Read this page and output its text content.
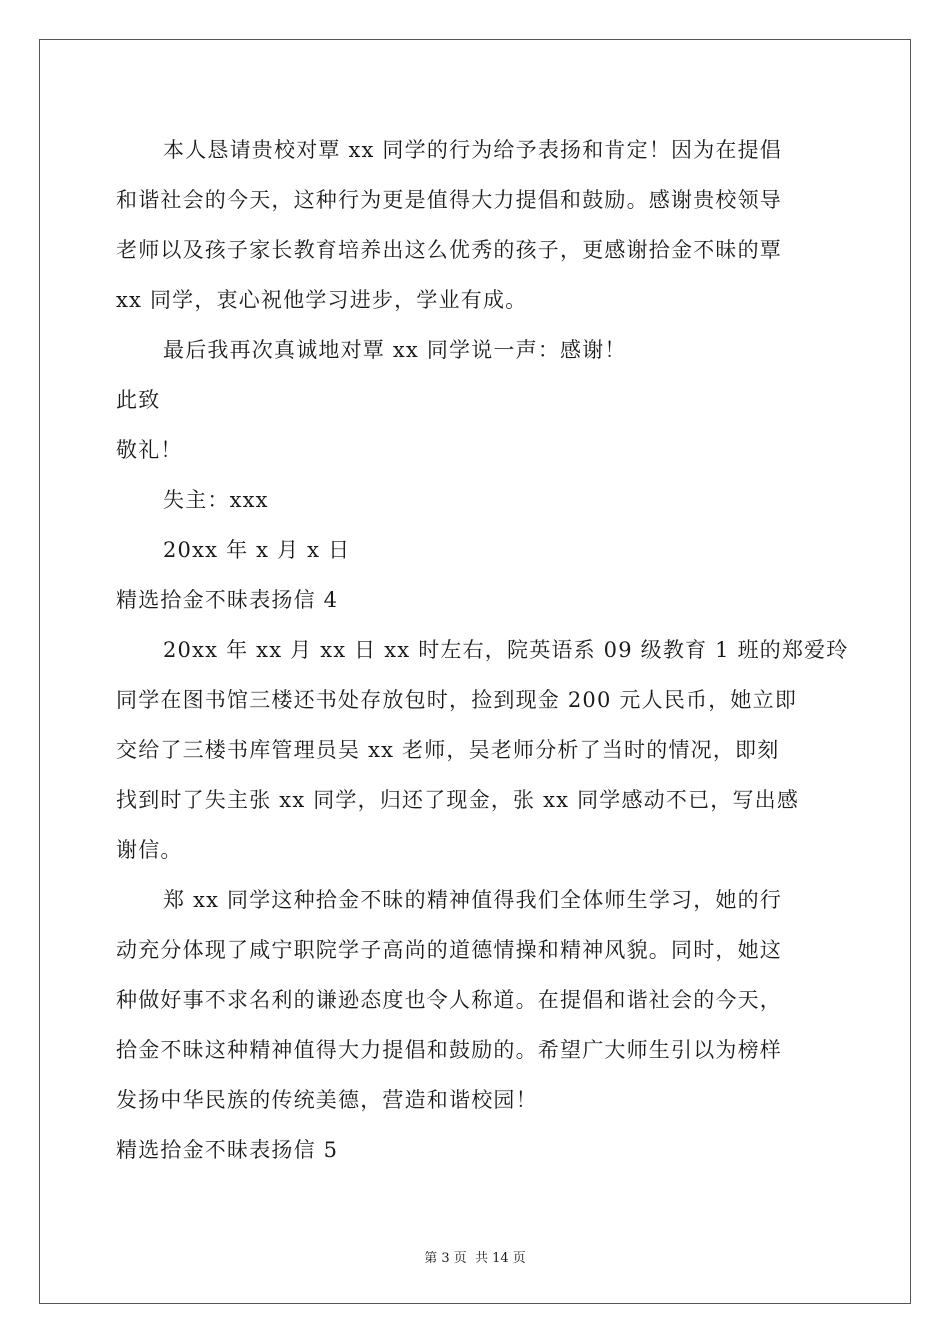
本人恳请贵校对覃 xx 同学的行为给予表扬和肯定！因为在提倡
和谐社会的今天，这种行为更是值得大力提倡和鼓励。感谢贵校领导
老师以及孩子家长教育培养出这么优秀的孩子，更感谢拾金不昧的覃
xx 同学，衷心祝他学习进步，学业有成。
最后我再次真诚地对覃 xx 同学说一声：感谢！
此致
敬礼！
失主：xxx
20xx 年 x 月 x 日
精选拾金不昧表扬信 4
20xx 年 xx 月 xx 日 xx 时左右，院英语系 09 级教育 1 班的郑爱玲
同学在图书馆三楼还书处存放包时，捡到现金 200 元人民币，她立即
交给了三楼书库管理员吴 xx 老师，吴老师分析了当时的情况，即刻
找到时了失主张 xx 同学，归还了现金，张 xx 同学感动不已，写出感
谢信。
郑 xx 同学这种拾金不昧的精神值得我们全体师生学习，她的行
动充分体现了咸宁职院学子高尚的道德情操和精神风貌。同时，她这
种做好事不求名利的谦逊态度也令人称道。在提倡和谐社会的今天，
拾金不昧这种精神值得大力提倡和鼓励的。希望广大师生引以为榜样
发扬中华民族的传统美德，营造和谐校园！
精选拾金不昧表扬信 5
第 3 页 共 14 页
